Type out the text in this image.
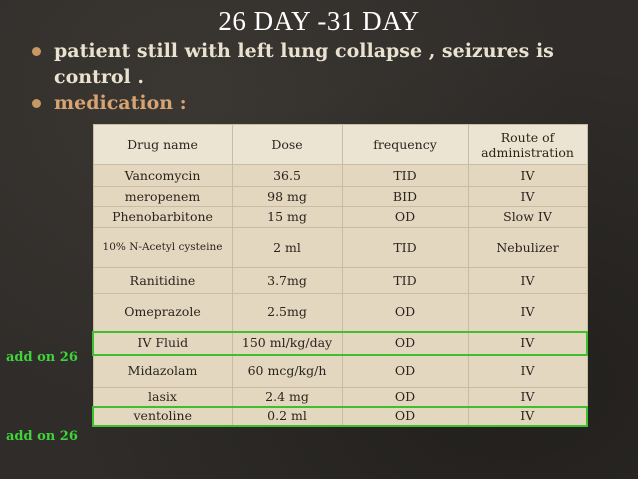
26 DAY -31 DAY
patient still with left lung collapse , seizures is control .
medication :
Drug name	Dose	frequency	Route of administration
Vancomycin	36.5	TID	IV
meropenem	98 mg	BID	IV
Phenobarbitone	15 mg	OD	Slow IV
10% N-Acetyl cysteine	2 ml	TID	Nebulizer
Ranitidine	3.7mg	TID	IV
Omeprazole	2.5mg	OD	IV
IV Fluid	150 ml/kg/day	OD	IV
Midazolam	60 mcg/kg/h	OD	IV
lasix	2.4 mg	OD	IV
ventoline	0.2 ml	OD	IV
add on 26
add on 26
